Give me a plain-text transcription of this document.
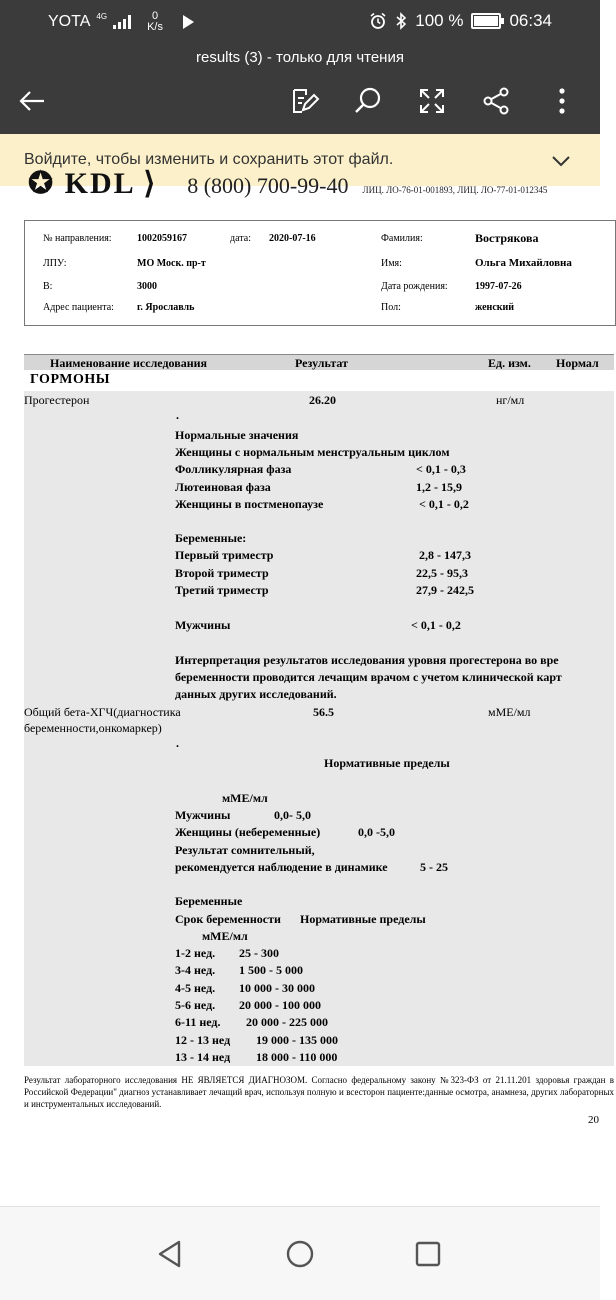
YOTA 4G	0
K/s	100 %	06:34
results (3) - только для чтения
Войдите, чтобы изменить и сохранить этот файл.
✪ KDL ⟩ 8 (800) 700-99-40 ЛИЦ. ЛО-76-01-001893, ЛИЦ. ЛО-77-01-012345
№ направления:	1002059167	дата: 2020-07-16	Фамилия:	Вострякова
ЛПУ:	МО Моск. пр-т	Имя:	Ольга Михайловна
В:	3000	Дата рождения:	1997-07-26
Адрес пациента: г. Ярославль	Пол:	женский
Наименование исследования	Результат	Ед. изм. Нормал
ГОРМОНЫ
Прогестерон	26.20	нг/мл
.
Нормальные значения
Женщины с нормальным менструальным циклом
Фолликулярная фаза	< 0,1 - 0,3
Лютеиновая фаза	1,2 - 15,9
Женщины в постменопаузе	< 0,1 - 0,2
Беременные:
Первый триместр	2,8 - 147,3
Второй триместр	22,5 - 95,3
Третий триместр	27,9 - 242,5
Мужчины	< 0,1 - 0,2
Интерпретация результатов исследования уровня прогестерона во вре
беременности проводится лечащим врачом с учетом клинической карт
данных других исследований.
Общий бета-ХГЧ(диагностика
беременности,онкомаркер)
56.5	мМЕ/мл
.
Нормативные пределы
мМЕ/мл
Мужчины	0,0- 5,0
Женщины (небеременные)	0,0 -5,0
Результат сомнительный,
рекомендуется наблюдение в динамике	5 - 25
Беременные
Срок беременности Нормативные пределы
мМЕ/мл
1-2 нед. 25 - 300
3-4 нед. 1 500 - 5 000
4-5 нед. 10 000 - 30 000
5-6 нед. 20 000 - 100 000
6-11 нед. 20 000 - 225 000
12 - 13 нед 19 000 - 135 000
13 - 14 нед 18 000 - 110 000
Результат лабораторного исследования НЕ ЯВЛЯЕТСЯ ДИАГНОЗОМ. Согласно федеральному закону №323-ФЗ от 21.11.201 здоровья граждан в Российской Федерации" диагноз устанавливает лечащий врач, используя полную и всесторон пациенте:данные осмотра, анамнеза, других лабораторных и инструментальных исследований.
20
